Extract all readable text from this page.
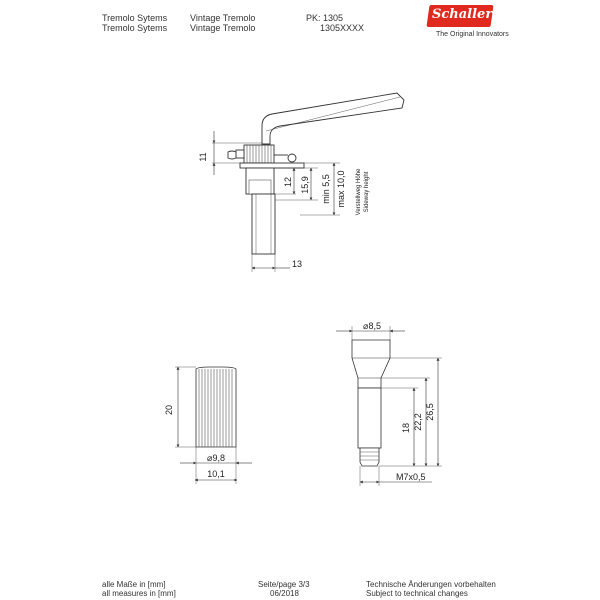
Tremolo Sytems
Tremolo Sytems
Vintage Tremolo
Vintage Tremolo
PK: 1305
1305XXXX
Schaller
The Original Innovators
11
12 15,9 min 5,5 max 10,0 Verstellweg Höhe Sideway height
13
20
⌀9,8
10,1
⌀8,5
18 22,2
26,5
M7x0,5
alle Maße in [mm]
all measures in [mm]
Seite/page 3/3
06/2018
Technische Änderungen vorbehalten
Subject to technical changes
